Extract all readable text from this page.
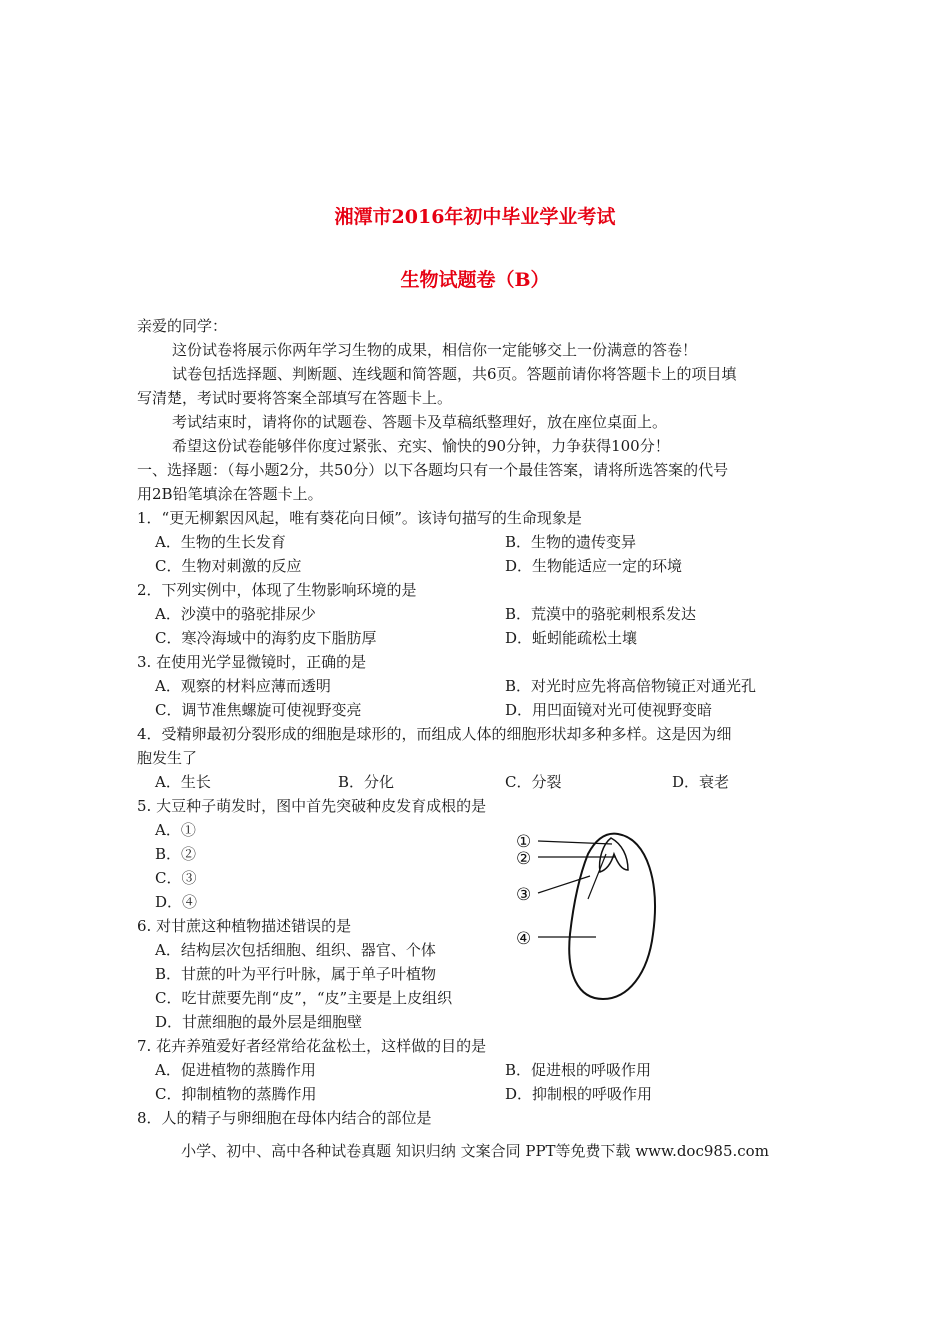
湘潭市2016年初中毕业学业考试
生物试题卷（B）
亲爱的同学：
这份试卷将展示你两年学习生物的成果，相信你一定能够交上一份满意的答卷！
试卷包括选择题、判断题、连线题和简答题，共6页。答题前请你将答题卡上的项目填
写清楚，考试时要将答案全部填写在答题卡上。
考试结束时，请将你的试题卷、答题卡及草稿纸整理好，放在座位桌面上。
希望这份试卷能够伴你度过紧张、充实、愉快的90分钟，力争获得100分！
一、选择题：（每小题2分，共50分）以下各题均只有一个最佳答案，请将所选答案的代号
用2B铅笔填涂在答题卡上。
1．“更无柳絮因风起，唯有葵花向日倾”。该诗句描写的生命现象是
A．生物的生长发育	B．生物的遗传变异
C．生物对刺激的反应	D．生物能适应一定的环境
2．下列实例中，体现了生物影响环境的是
A．沙漠中的骆驼排尿少	B．荒漠中的骆驼刺根系发达
C．寒冷海域中的海豹皮下脂肪厚	D．蚯蚓能疏松土壤
3. 在使用光学显微镜时，正确的是
A．观察的材料应薄而透明	B．对光时应先将高倍物镜正对通光孔
C．调节准焦螺旋可使视野变亮	D．用凹面镜对光可使视野变暗
4．受精卵最初分裂形成的细胞是球形的，而组成人体的细胞形状却多种多样。这是因为细
胞发生了
A．生长	B．分化	C．分裂	D．衰老
5. 大豆种子萌发时，图中首先突破种皮发育成根的是
A．①
B．②
C．③
D．④
①
②
③
④
6. 对甘蔗这种植物描述错误的是
A．结构层次包括细胞、组织、器官、个体
B．甘蔗的叶为平行叶脉，属于单子叶植物
C．吃甘蔗要先削“皮”，“皮”主要是上皮组织
D．甘蔗细胞的最外层是细胞壁
7. 花卉养殖爱好者经常给花盆松土，这样做的目的是
A．促进植物的蒸腾作用	B．促进根的呼吸作用
C．抑制植物的蒸腾作用	D．抑制根的呼吸作用
8．人的精子与卵细胞在母体内结合的部位是
小学、初中、高中各种试卷真题 知识归纳 文案合同 PPT等免费下载 www.doc985.com
